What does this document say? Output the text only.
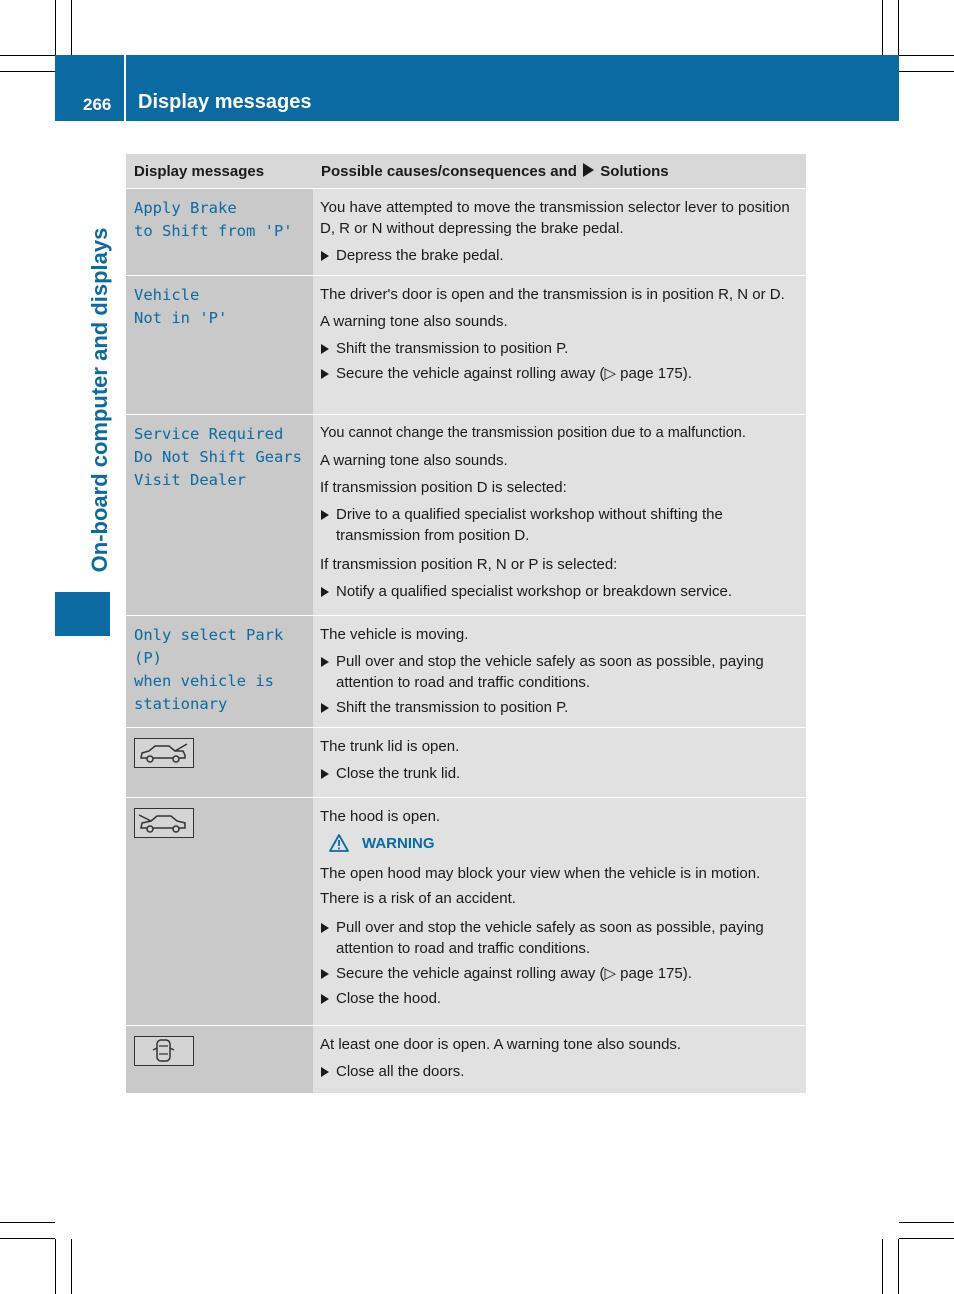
266 Display messages
On-board computer and displays
Display messages	Possible causes/consequences and Solutions
Apply Brake
to Shift from 'P'

You have attempted to move the transmission selector lever to position D, R or N without depressing the brake pedal.

Depress the brake pedal.
Vehicle
Not in 'P'

The driver's door is open and the transmission is in position R, N or D.

A warning tone also sounds.

Shift the transmission to position P.
Secure the vehicle against rolling away (▷ page 175).
Service Required
Do Not Shift Gears
Visit Dealer

You cannot change the transmission position due to a malfunction.

A warning tone also sounds.

If transmission position D is selected:

Drive to a qualified specialist workshop without shifting the transmission from position D.

If transmission position R, N or P is selected:

Notify a qualified specialist workshop or breakdown service.
Only select Park
(P)
when vehicle is
stationary

The vehicle is moving.

Pull over and stop the vehicle safely as soon as possible, paying attention to road and traffic conditions.
Shift the transmission to position P.

The trunk lid is open.

Close the trunk lid.

The hood is open.

WARNING

The open hood may block your view when the vehicle is in motion. There is a risk of an accident.

Pull over and stop the vehicle safely as soon as possible, paying attention to road and traffic conditions.
Secure the vehicle against rolling away (▷ page 175).
Close the hood.

At least one door is open. A warning tone also sounds.

Close all the doors.
